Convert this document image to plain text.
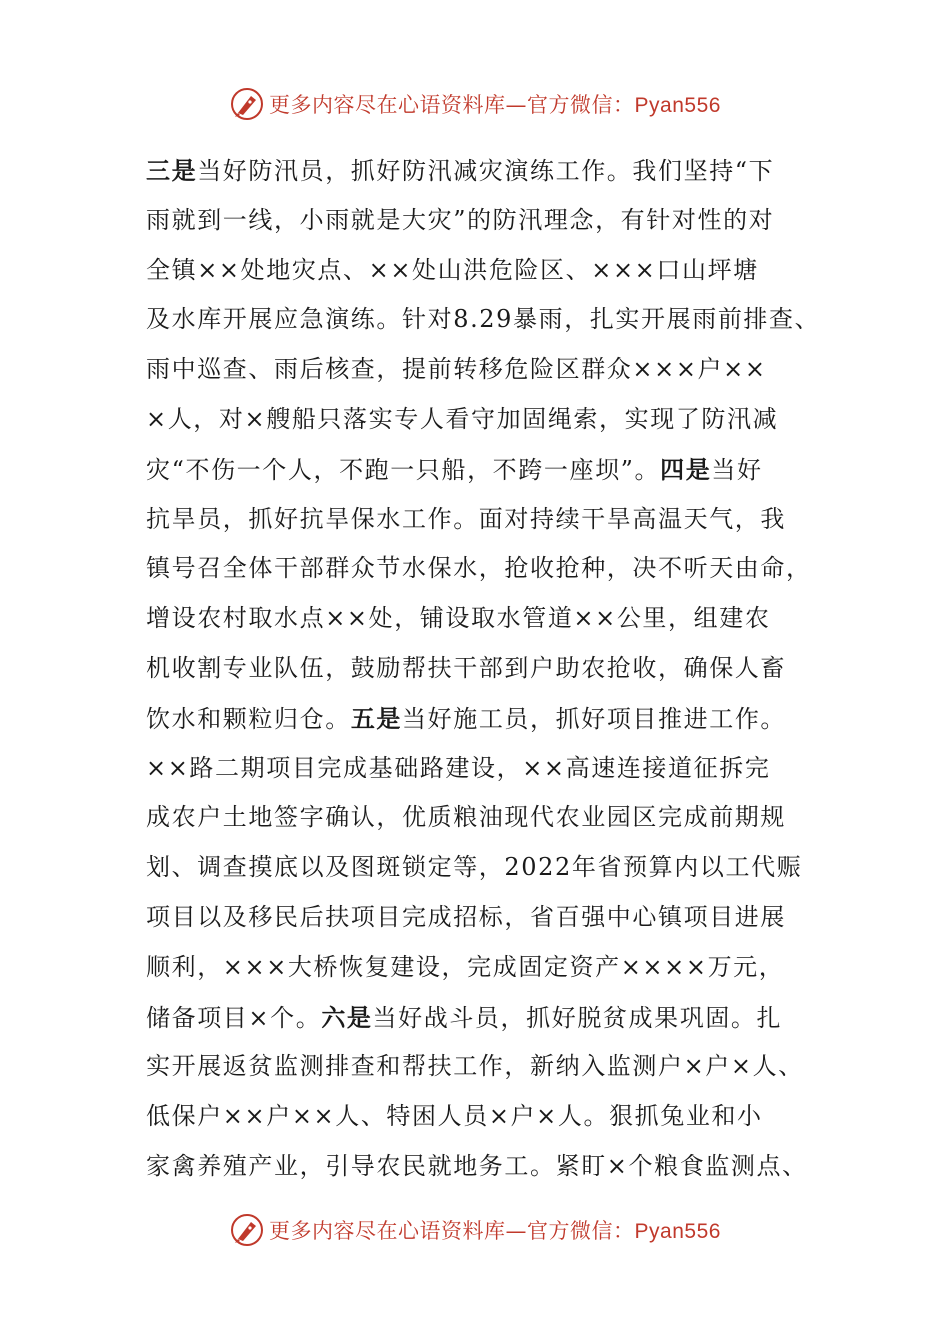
更多内容尽在心语资料库—官方微信：Pyan556
三是当好防汛员，抓好防汛减灾演练工作。我们坚持“下
雨就到一线，小雨就是大灾”的防汛理念，有针对性的对
全镇××处地灾点、××处山洪危险区、×××口山坪塘
及水库开展应急演练。针对8.29暴雨，扎实开展雨前排查、
雨中巡查、雨后核查，提前转移危险区群众×××户××
×人，对×艘船只落实专人看守加固绳索，实现了防汛减
灾“不伤一个人，不跑一只船，不跨一座坝”。四是当好
抗旱员，抓好抗旱保水工作。面对持续干旱高温天气，我
镇号召全体干部群众节水保水，抢收抢种，决不听天由命，
增设农村取水点××处，铺设取水管道××公里，组建农
机收割专业队伍，鼓励帮扶干部到户助农抢收，确保人畜
饮水和颗粒归仓。五是当好施工员，抓好项目推进工作。
××路二期项目完成基础路建设，××高速连接道征拆完
成农户土地签字确认，优质粮油现代农业园区完成前期规
划、调查摸底以及图斑锁定等，2022年省预算内以工代赈
项目以及移民后扶项目完成招标，省百强中心镇项目进展
顺利，×××大桥恢复建设，完成固定资产××××万元，
储备项目×个。六是当好战斗员，抓好脱贫成果巩固。扎
实开展返贫监测排查和帮扶工作，新纳入监测户×户×人、
低保户××户××人、特困人员×户×人。狠抓兔业和小
家禽养殖产业，引导农民就地务工。紧盯×个粮食监测点、
更多内容尽在心语资料库—官方微信：Pyan556
